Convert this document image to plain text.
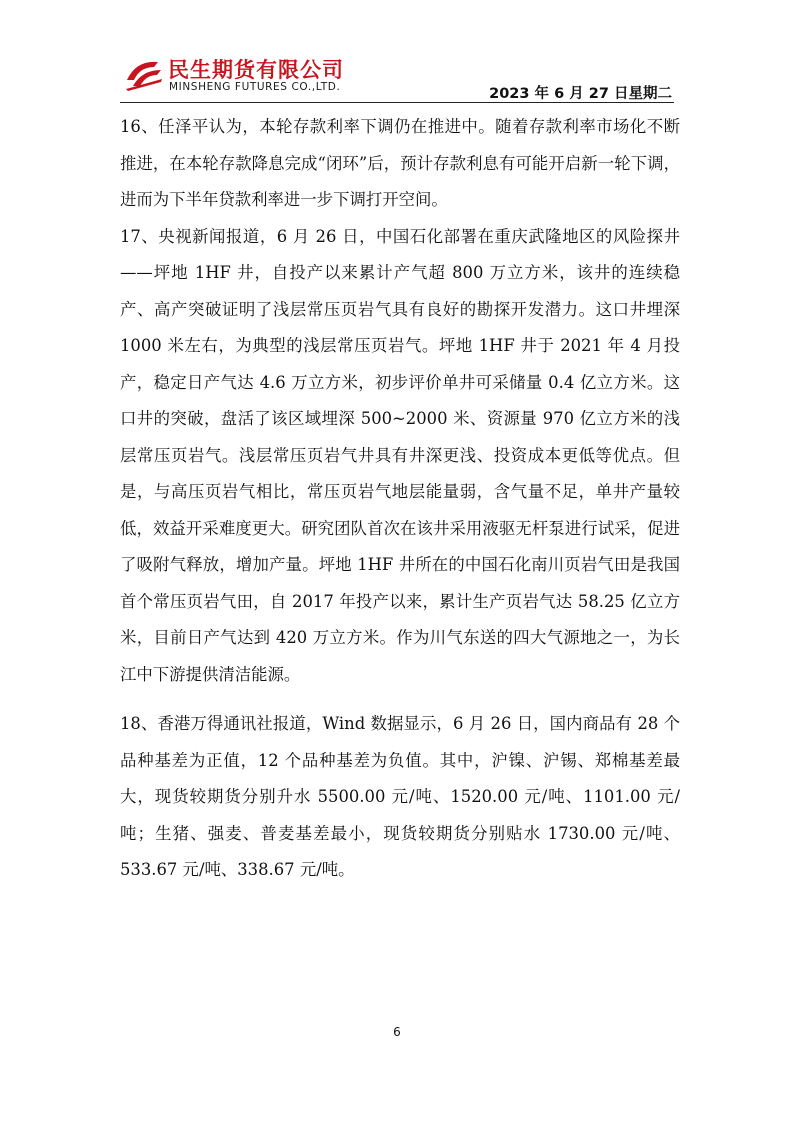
民生期货有限公司
MINSHENG FUTURES CO.,LTD.	2023 年 6 月 27 日星期二

16、任泽平认为，本轮存款利率下调仍在推进中。随着存款利率市场化不断推进，在本轮存款降息完成“闭环”后，预计存款利息有可能开启新一轮下调，进而为下半年贷款利率进一步下调打开空间。

17、央视新闻报道，6 月 26 日，中国石化部署在重庆武隆地区的风险探井——坪地 1HF 井，自投产以来累计产气超 800 万立方米，该井的连续稳产、高产突破证明了浅层常压页岩气具有良好的勘探开发潜力。这口井埋深 1000 米左右，为典型的浅层常压页岩气。坪地 1HF 井于 2021 年 4 月投产，稳定日产气达 4.6 万立方米，初步评价单井可采储量 0.4 亿立方米。这口井的突破，盘活了该区域埋深 500~2000 米、资源量 970 亿立方米的浅层常压页岩气。浅层常压页岩气井具有井深更浅、投资成本更低等优点。但是，与高压页岩气相比，常压页岩气地层能量弱，含气量不足，单井产量较低，效益开采难度更大。研究团队首次在该井采用液驱无杆泵进行试采，促进了吸附气释放，增加产量。坪地 1HF 井所在的中国石化南川页岩气田是我国首个常压页岩气田，自 2017 年投产以来，累计生产页岩气达 58.25 亿立方米，目前日产气达到 420 万立方米。作为川气东送的四大气源地之一，为长江中下游提供清洁能源。

18、香港万得通讯社报道，Wind 数据显示，6 月 26 日，国内商品有 28 个品种基差为正值，12 个品种基差为负值。其中，沪镍、沪锡、郑棉基差最大，现货较期货分别升水 5500.00 元/吨、1520.00 元/吨、1101.00 元/吨；生猪、强麦、普麦基差最小，现货较期货分别贴水 1730.00 元/吨、533.67 元/吨、338.67 元/吨。

6
